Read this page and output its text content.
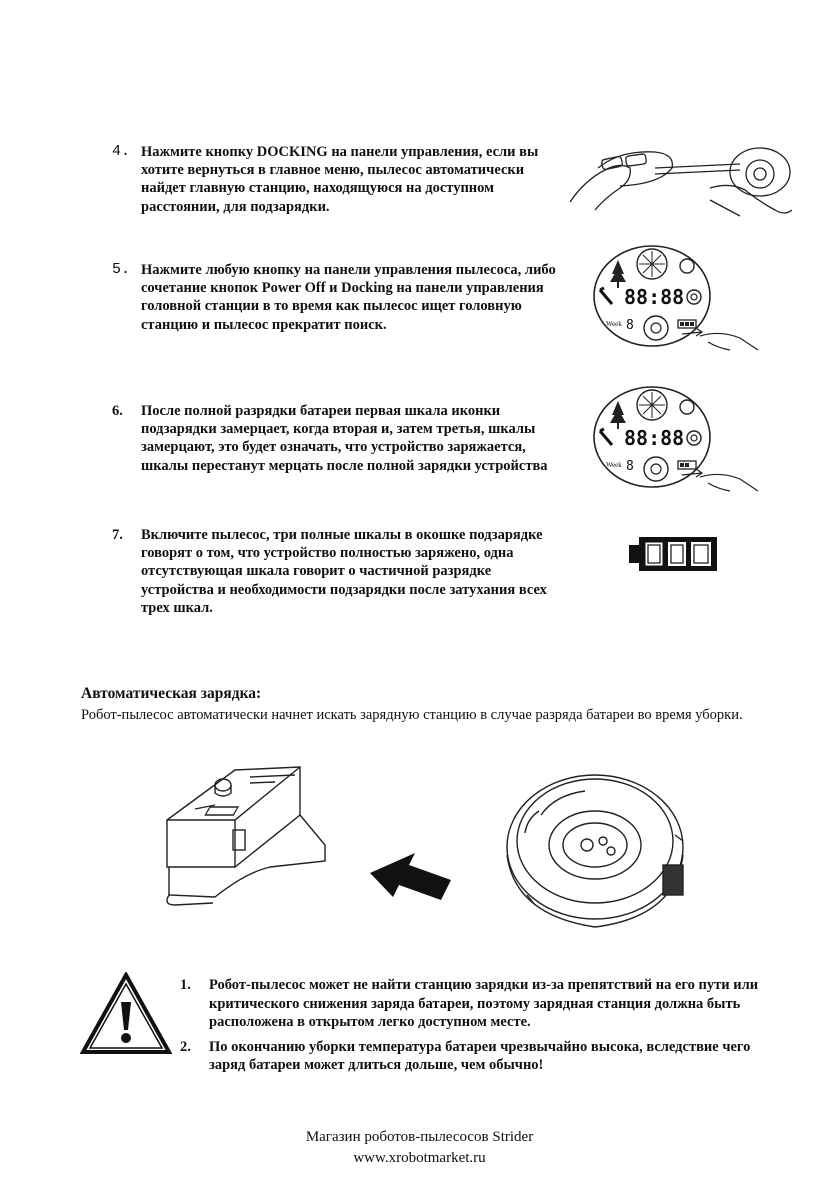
4. Нажмите кнопку DOCKING на панели управления, если вы хотите вернуться в главное меню, пылесос автоматически найдет главную станцию, находящуюся на доступном расстоянии, для подзарядки.
5. Нажмите любую кнопку на панели управления пылесоса, либо сочетание кнопок Power Off и Docking на панели управления головной станции в то время как пылесос ищет головную станцию и пылесос прекратит поиск.
88:88
Week 8
6. После полной разрядки батареи первая шкала иконки подзарядки замерцает, когда вторая и, затем третья, шкалы замерцают, это будет означать, что устройство заряжается, шкалы перестанут мерцать после полной зарядки устройства
88:88
Week 8
7. Включите пылесос, три полные шкалы в окошке подзарядке говорят о том, что устройство полностью заряжено, одна отсутствующая шкала говорит о частичной разрядке устройства и необходимости подзарядки после затухания всех трех шкал.
Автоматическая зарядка:
Робот-пылесос автоматически начнет искать зарядную станцию в случае разряда батареи во время уборки.
1. Робот-пылесос может не найти станцию зарядки из-за препятствий на его пути или критического снижения заряда батареи, поэтому зарядная станция должна быть расположена в открытом легко доступном месте.
2. По окончанию уборки температура батареи чрезвычайно высока, вследствие чего заряд батареи может длиться дольше, чем обычно!
Магазин роботов-пылесосов Strider
www.xrobotmarket.ru
